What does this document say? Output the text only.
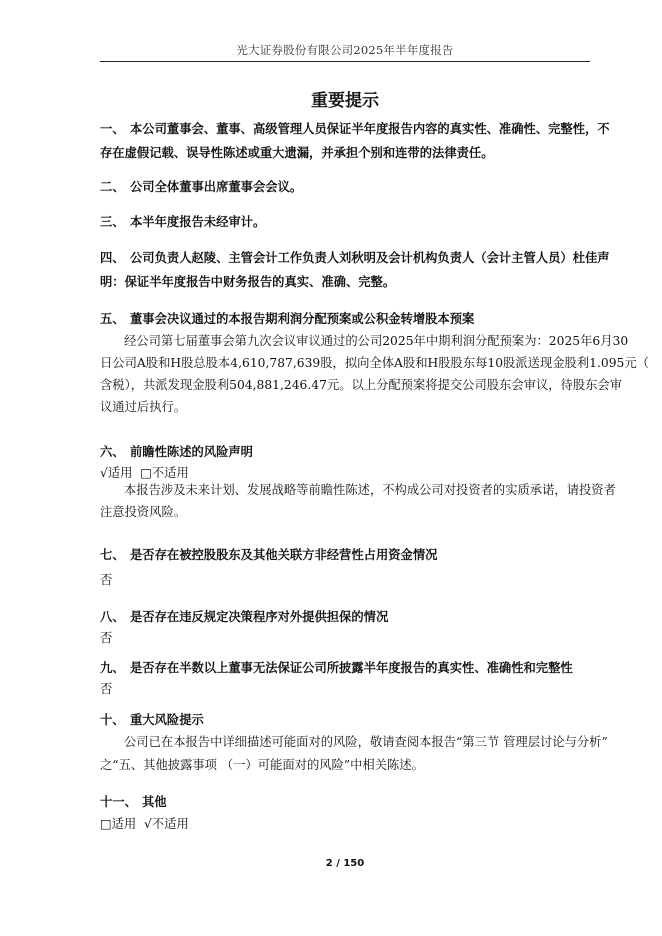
光大证券股份有限公司2025年半年度报告
重要提示
一、 本公司董事会、董事、高级管理人员保证半年度报告内容的真实性、准确性、完整性，不
存在虚假记载、误导性陈述或重大遗漏，并承担个别和连带的法律责任。
二、 公司全体董事出席董事会会议。
三、 本半年度报告未经审计。
四、 公司负责人赵陵、主管会计工作负责人刘秋明及会计机构负责人（会计主管人员）杜佳声
明：保证半年度报告中财务报告的真实、准确、完整。
五、 董事会决议通过的本报告期利润分配预案或公积金转增股本预案
经公司第七届董事会第九次会议审议通过的公司2025年中期利润分配预案为：2025年6月30
日公司A股和H股总股本4,610,787,639股，拟向全体A股和H股股东每10股派送现金股利1.095元（
含税），共派发现金股利504,881,246.47元。以上分配预案将提交公司股东会审议，待股东会审
议通过后执行。
六、 前瞻性陈述的风险声明
√适用  □不适用
本报告涉及未来计划、发展战略等前瞻性陈述，不构成公司对投资者的实质承诺，请投资者
注意投资风险。
七、 是否存在被控股股东及其他关联方非经营性占用资金情况
否
八、 是否存在违反规定决策程序对外提供担保的情况
否
九、 是否存在半数以上董事无法保证公司所披露半年度报告的真实性、准确性和完整性
否
十、 重大风险提示
公司已在本报告中详细描述可能面对的风险，敬请查阅本报告“第三节 管理层讨论与分析”
之“五、其他披露事项 （一）可能面对的风险”中相关陈述。
十一、 其他
□适用  √不适用
2 / 150
